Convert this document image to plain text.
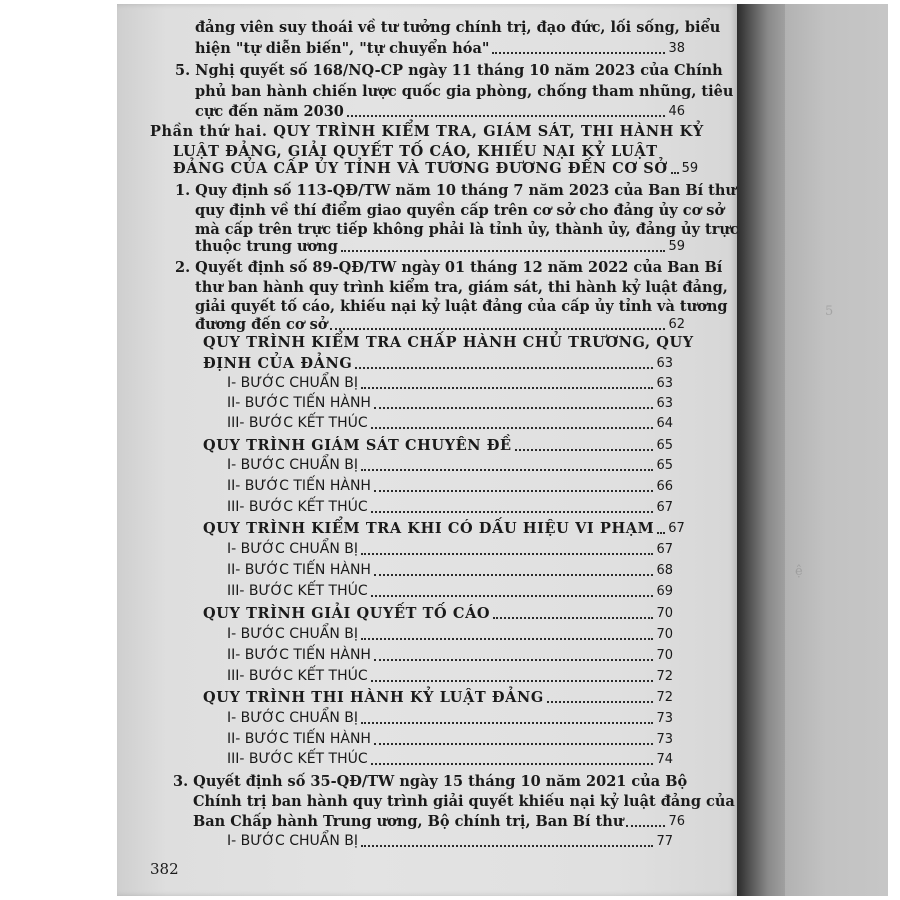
5
ệ
đảng viên suy thoái về tư tưởng chính trị, đạo đức, lối sống, biểu
hiện "tự diễn biến", "tự chuyển hóa"	38
5. Nghị quyết số 168/NQ-CP ngày 11 tháng 10 năm 2023 của Chính
phủ ban hành chiến lược quốc gia phòng, chống tham nhũng, tiêu
cực đến năm 2030	46
Phần thứ hai. QUY TRÌNH KIỂM TRA, GIÁM SÁT, THI HÀNH KỶ
LUẬT ĐẢNG, GIẢI QUYẾT TỐ CÁO, KHIẾU NẠI KỶ LUẬT
ĐẢNG CỦA CẤP ỦY TỈNH VÀ TƯƠNG ĐƯƠNG ĐẾN CƠ SỞ 59
1. Quy định số 113-QĐ/TW năm 10 tháng 7 năm 2023 của Ban Bí thư
quy định về thí điểm giao quyền cấp trên cơ sở cho đảng ủy cơ sở
mà cấp trên trực tiếp không phải là tỉnh ủy, thành ủy, đảng ủy trực
thuộc trung ương	59
2. Quyết định số 89-QĐ/TW ngày 01 tháng 12 năm 2022 của Ban Bí
thư ban hành quy trình kiểm tra, giám sát, thi hành kỷ luật đảng,
giải quyết tố cáo, khiếu nại kỷ luật đảng của cấp ủy tỉnh và tương
đương đến cơ sở	62
QUY TRÌNH KIỂM TRA CHẤP HÀNH CHỦ TRƯƠNG, QUY
ĐỊNH CỦA ĐẢNG	63
I- BƯỚC CHUẨN BỊ	63
II- BƯỚC TIẾN HÀNH	63
III- BƯỚC KẾT THÚC	64
QUY TRÌNH GIÁM SÁT CHUYÊN ĐỀ	65
I- BƯỚC CHUẨN BỊ	65
II- BƯỚC TIẾN HÀNH	66
III- BƯỚC KẾT THÚC	67
QUY TRÌNH KIỂM TRA KHI CÓ DẤU HIỆU VI PHẠM 67
I- BƯỚC CHUẨN BỊ	67
II- BƯỚC TIẾN HÀNH	68
III- BƯỚC KẾT THÚC	69
QUY TRÌNH GIẢI QUYẾT TỐ CÁO	70
I- BƯỚC CHUẨN BỊ	70
II- BƯỚC TIẾN HÀNH	70
III- BƯỚC KẾT THÚC	72
QUY TRÌNH THI HÀNH KỶ LUẬT ĐẢNG	72
I- BƯỚC CHUẨN BỊ	73
II- BƯỚC TIẾN HÀNH	73
III- BƯỚC KẾT THÚC	74
3. Quyết định số 35-QĐ/TW ngày 15 tháng 10 năm 2021 của Bộ
Chính trị ban hành quy trình giải quyết khiếu nại kỷ luật đảng của
Ban Chấp hành Trung ương, Bộ chính trị, Ban Bí thư	76
I- BƯỚC CHUẨN BỊ	77
382
